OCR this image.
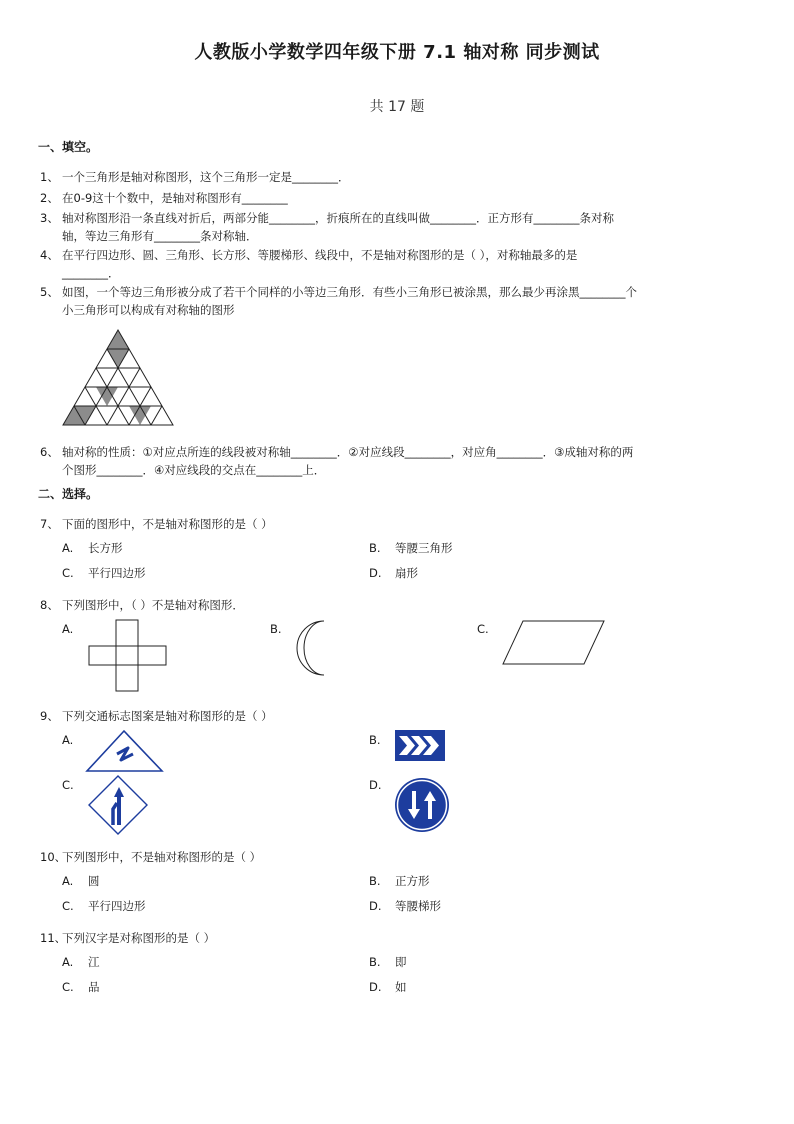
人教版小学数学四年级下册 7.1 轴对称 同步测试
共 17 题
一、填空。
1、 一个三角形是轴对称图形，这个三角形一定是________．
2、 在0-9这十个数中，是轴对称图形有________
3、 轴对称图形沿一条直线对折后，两部分能________，折痕所在的直线叫做________．正方形有________条对称
轴，等边三角形有________条对称轴．
4、 在平行四边形、圆、三角形、长方形、等腰梯形、线段中，不是轴对称图形的是（ ），对称轴最多的是
________．
5、 如图，一个等边三角形被分成了若干个同样的小等边三角形．有些小三角形已被涂黑，那么最少再涂黑________个
小三角形可以构成有对称轴的图形
6、 轴对称的性质：①对应点所连的线段被对称轴________．②对应线段________，对应角________．③成轴对称的两
个图形________．④对应线段的交点在________上．
二、选择。
7、 下面的图形中，不是轴对称图形的是（ ）
A. 长方形	B. 等腰三角形
C. 平行四边形	D. 扇形
8、 下列图形中，（ ）不是轴对称图形．
A.	B.	C.
9、 下列交通标志图案是轴对称图形的是（ ）
A.	B.
C.	D.
10、下列图形中，不是轴对称图形的是（ ）
A. 圆	B. 正方形
C. 平行四边形	D. 等腰梯形
11、下列汉字是对称图形的是（ ）
A. 江	B. 即
C. 品	D. 如
